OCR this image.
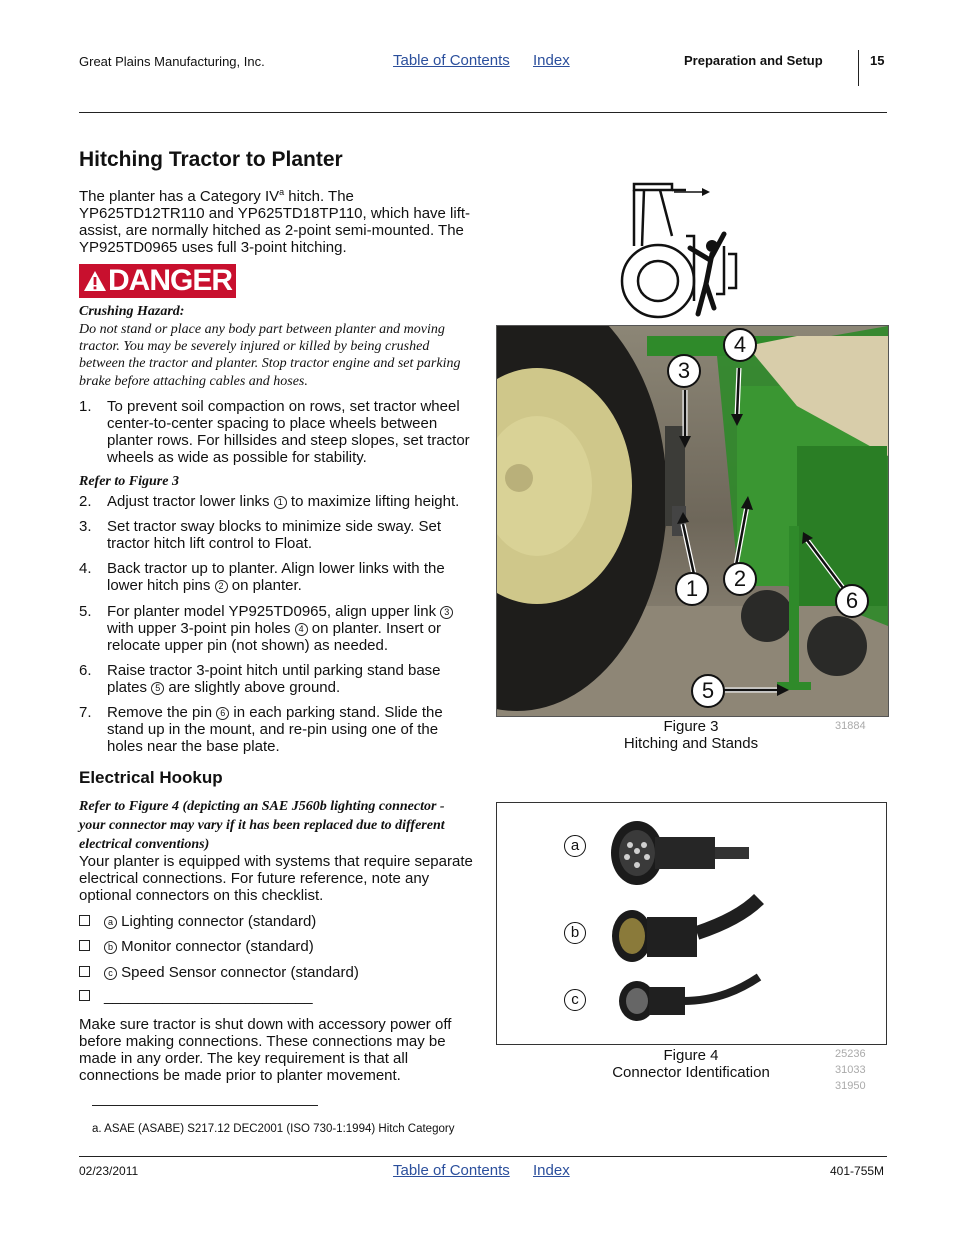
Great Plains Manufacturing, Inc.	Table of Contents Index	Preparation and Setup	15
Hitching Tractor to Planter
The planter has a Category $IV^a$ hitch. The YP625TD12TR110 and YP625TD18TP110, which have lift-assist, are normally hitched as 2-point semi-mounted. The YP925TD0965 uses full 3-point hitching.
DANGER
Crushing Hazard:
Do not stand or place any body part between planter and moving tractor. You may be severely injured or killed by being crushed between the tractor and planter. Stop tractor engine and set parking brake before attaching cables and hoses.
1. To prevent soil compaction on rows, set tractor wheel center-to-center spacing to place wheels between planter rows. For hillsides and steep slopes, set tractor wheels as wide as possible for stability.
Refer to Figure 3
2. Adjust tractor lower links 1 to maximize lifting height.
3. Set tractor sway blocks to minimize side sway. Set tractor hitch lift control to Float.
4. Back tractor up to planter. Align lower links with the lower hitch pins 2 on planter.
5. For planter model YP925TD0965, align upper link 3 with upper 3-point pin holes 4 on planter. Insert or relocate upper pin (not shown) as needed.
6. Raise tractor 3-point hitch until parking stand base plates 5 are slightly above ground.
7. Remove the pin 6 in each parking stand. Slide the stand up in the mount, and re-pin using one of the holes near the base plate.
Electrical Hookup
Refer to Figure 4 (depicting an SAE J560b lighting connector - your connector may vary if it has been replaced due to different electrical conventions)
Your planter is equipped with systems that require separate electrical connections. For future reference, note any optional connectors on this checklist.
a Lighting connector (standard)
b Monitor connector (standard)
c Speed Sensor connector (standard)
_________________________
Make sure tractor is shut down with accessory power off before making connections. These connections may be made in any order. The key requirement is that all connections be made prior to planter movement.
a. ASAE (ASABE) S217.12 DEC2001 (ISO 730-1:1994) Hitch Category
02/23/2011	Table of Contents Index	401-755M
1	2
3
4
5
6
Figure 3
Hitching and Stands
31884
a
b
c
Figure 4
Connector Identification
25236
31033
31950
